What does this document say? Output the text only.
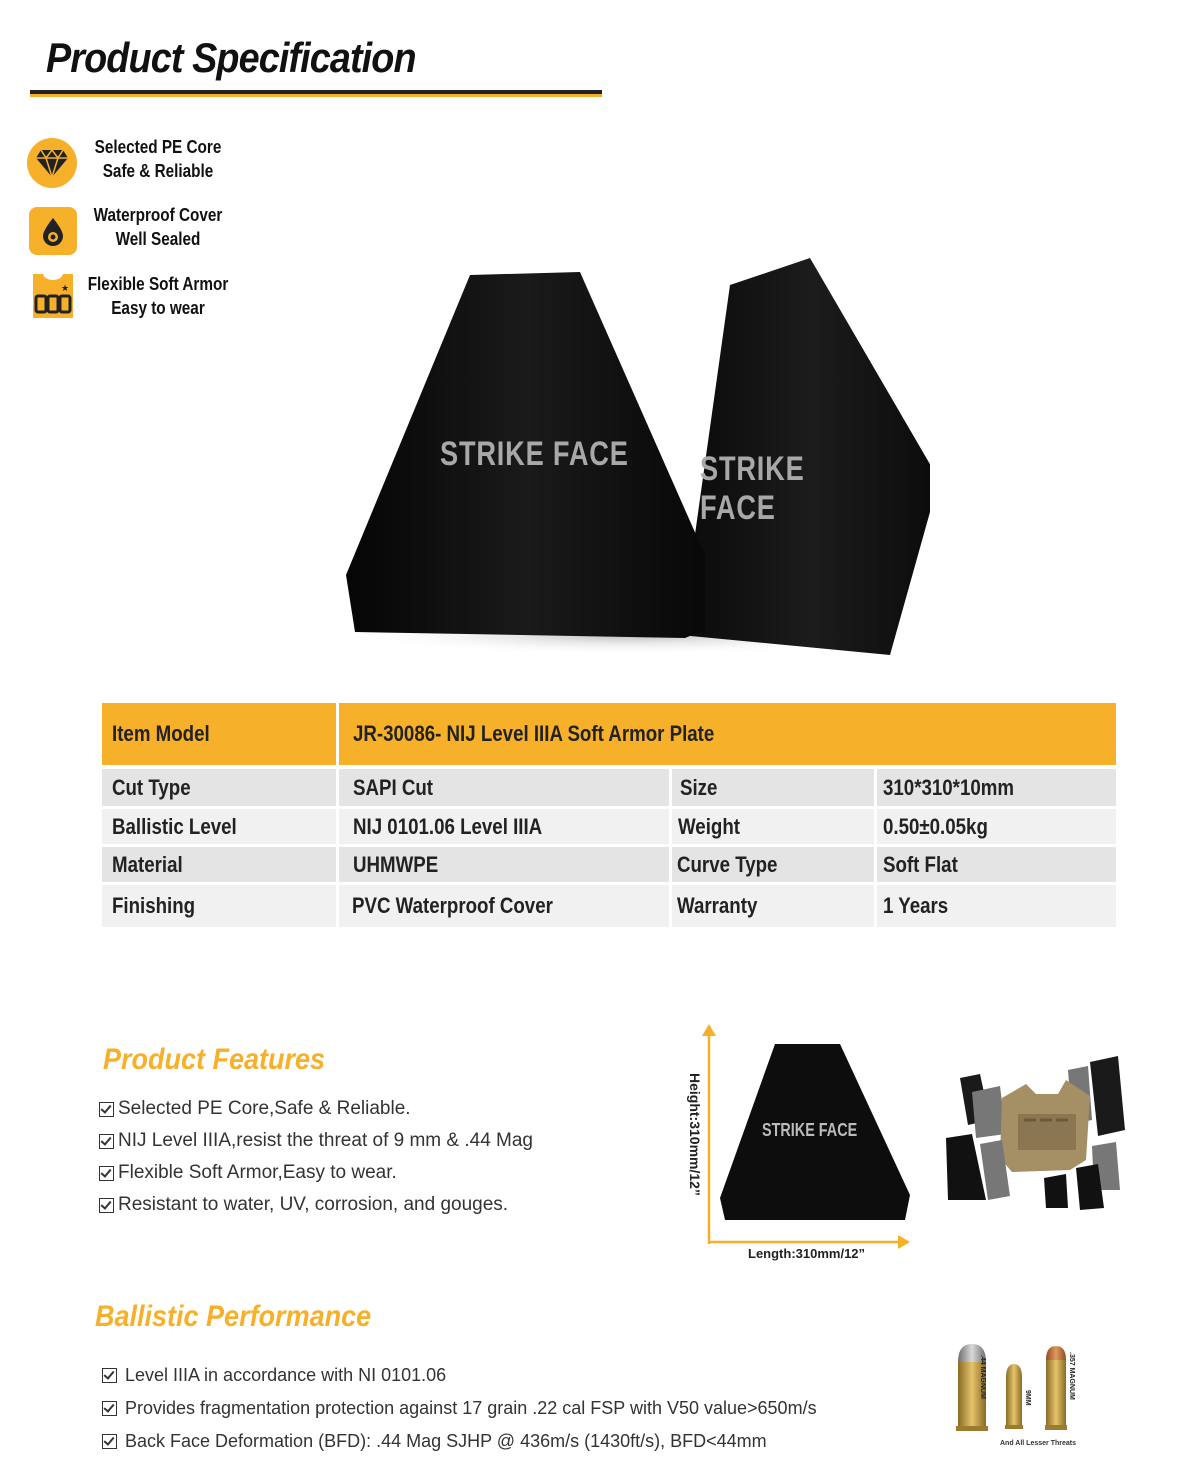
Product Specification
Selected PE Core
Safe & Reliable
Waterproof Cover
Well Sealed
★ Flexible Soft Armor
Easy to wear
STRIKE FACE STRIKE FACE
Item Model	JR-30086- NIJ Level IIIA Soft Armor Plate
Cut Type	SAPI Cut	Size	310*310*10mm
Ballistic Level	NIJ 0101.06 Level IIIA	Weight	0.50±0.05kg
Material	UHMWPE	Curve Type	Soft Flat
Finishing	PVC Waterproof Cover	Warranty	1 Years
Product Features
Selected PE Core,Safe & Reliable.
NIJ Level IIIA,resist the threat of 9 mm & .44 Mag
Flexible Soft Armor,Easy to wear.
Resistant to water, UV, corrosion, and gouges.
STRIKE FACE
Height:310mm/12”
Length:310mm/12”
Ballistic Performance
Level IIIA in accordance with NI 0101.06
Provides fragmentation protection against 17 grain .22 cal FSP with V50 value>650m/s
Back Face Deformation (BFD): .44 Mag SJHP @ 436m/s (1430ft/s), BFD<44mm
.44 MAGNUM	9MM	.357 MAGNUM
And All Lesser Threats
